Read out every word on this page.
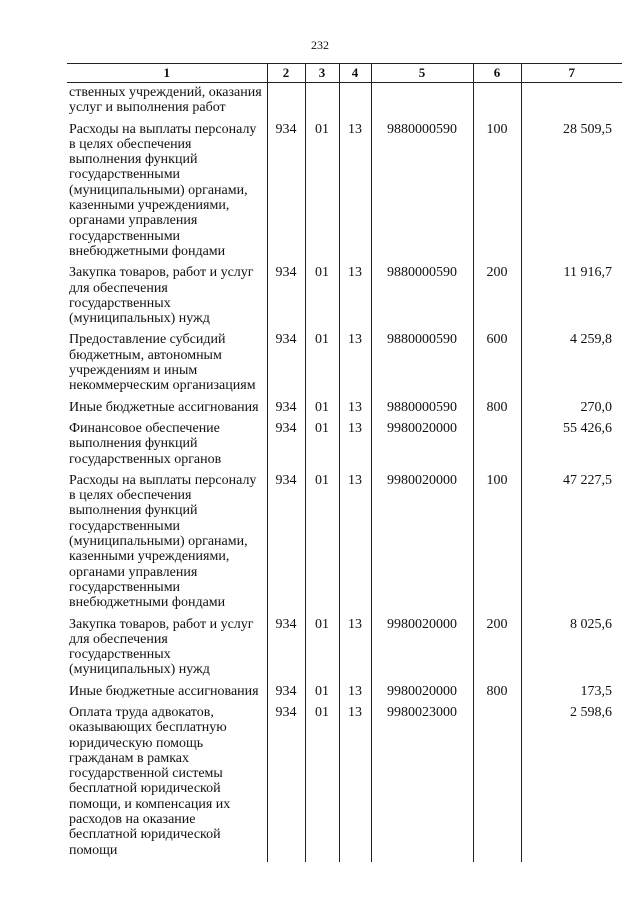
232
1	2	3	4	5	6	7
ственных учреждений, оказания услуг и выполнения работ						
Расходы на выплаты персоналу в целях обеспечения выполнения функций государственными (муниципальными) органами, казенными учреждениями, органами управления государственными внебюджетными фондами	934	01	13	9880000590	100	28 509,5
Закупка товаров, работ и услуг для обеспечения государственных (муниципальных) нужд	934	01	13	9880000590	200	11 916,7
Предоставление субсидий бюджетным, автономным учреждениям и иным некоммерческим организациям	934	01	13	9880000590	600	4 259,8
Иные бюджетные ассигнования	934	01	13	9880000590	800	270,0
Финансовое обеспечение выполнения функций государственных органов	934	01	13	9980020000		55 426,6
Расходы на выплаты персоналу в целях обеспечения выполнения функций государственными (муниципальными) органами, казенными учреждениями, органами управления государственными внебюджетными фондами	934	01	13	9980020000	100	47 227,5
Закупка товаров, работ и услуг для обеспечения государственных (муниципальных) нужд	934	01	13	9980020000	200	8 025,6
Иные бюджетные ассигнования	934	01	13	9980020000	800	173,5
Оплата труда адвокатов, оказывающих бесплатную юридическую помощь гражданам в рамках государственной системы бесплатной юридической помощи, и компенсация их расходов на оказание бесплатной юридической помощи	934	01	13	9980023000		2 598,6
